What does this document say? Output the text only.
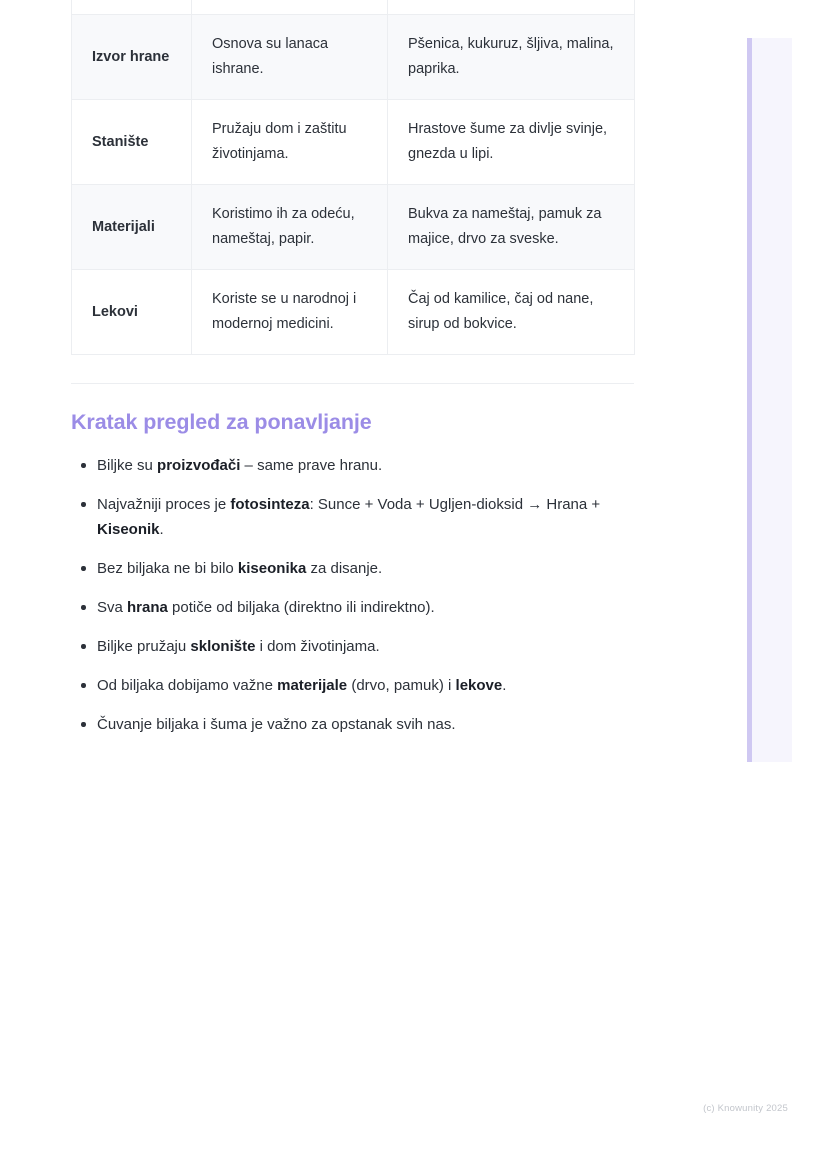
Izvor hrane	Osnova su lanaca ishrane.	Pšenica, kukuruz, šljiva, malina, paprika.
Stanište	Pružaju dom i zaštitu životinjama.	Hrastove šume za divlje svinje, gnezda u lipi.
Materijali	Koristimo ih za odeću, nameštaj, papir.	Bukva za nameštaj, pamuk za majice, drvo za sveske.
Lekovi	Koriste se u narodnoj i modernoj medicini.	Čaj od kamilice, čaj od nane, sirup od bokvice.
Kratak pregled za ponavljanje
Biljke su proizvođači – same prave hranu.
Najvažniji proces je fotosinteza: Sunce + Voda + Ugljen-dioksid → Hrana + Kiseonik.
Bez biljaka ne bi bilo kiseonika za disanje.
Sva hrana potiče od biljaka (direktno ili indirektno).
Biljke pružaju sklonište i dom životinjama.
Od biljaka dobijamo važne materijale (drvo, pamuk) i lekove.
Čuvanje biljaka i šuma je važno za opstanak svih nas.
(c) Knowunity 2025
